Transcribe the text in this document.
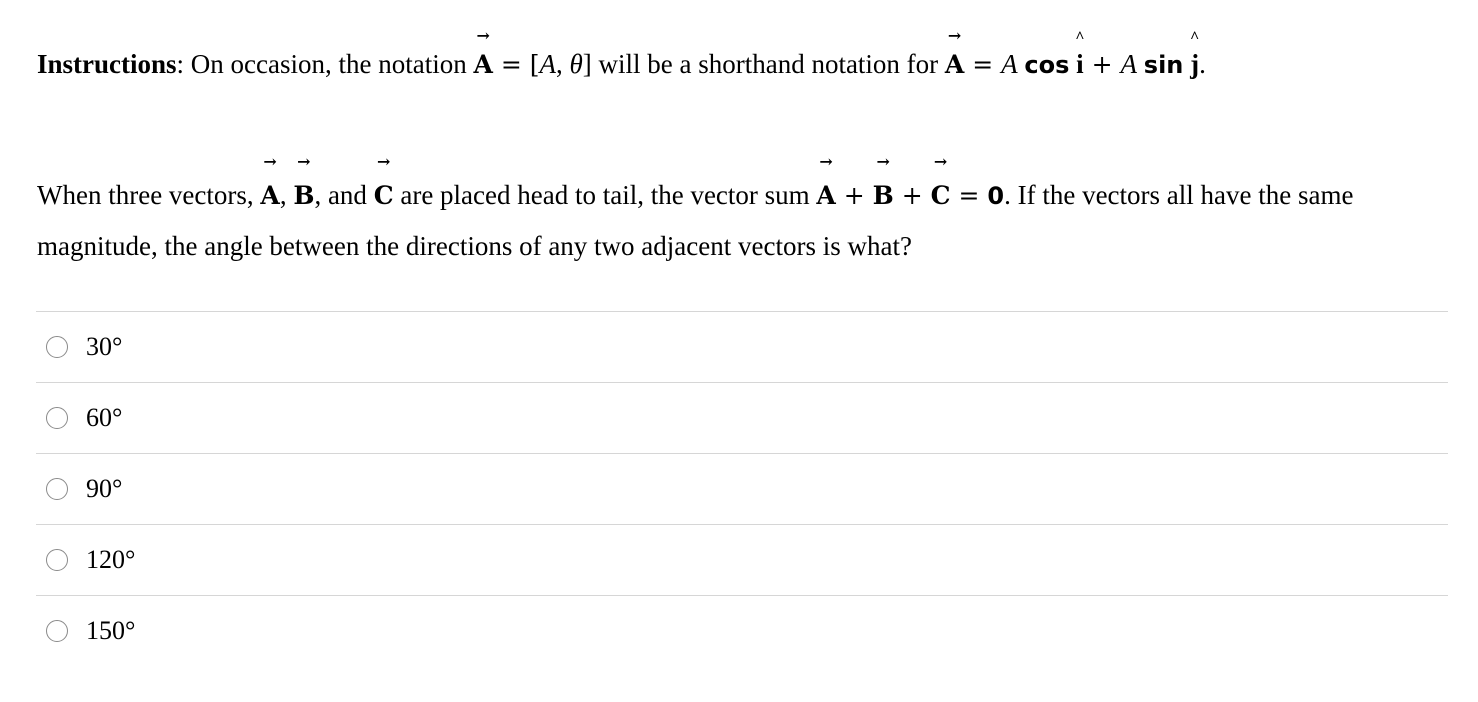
Instructions: On occasion, the notation → A = [A, θ] will be a shorthand notation for → A = A cos ^ i + A sin ^ j.
When three vectors, → A, → B, and → C are placed head to tail, the vector sum → A + → B + → C = 0. If the vectors all have the same magnitude, the angle between the directions of any two adjacent vectors is what?
30°
60°
90°
120°
150°
